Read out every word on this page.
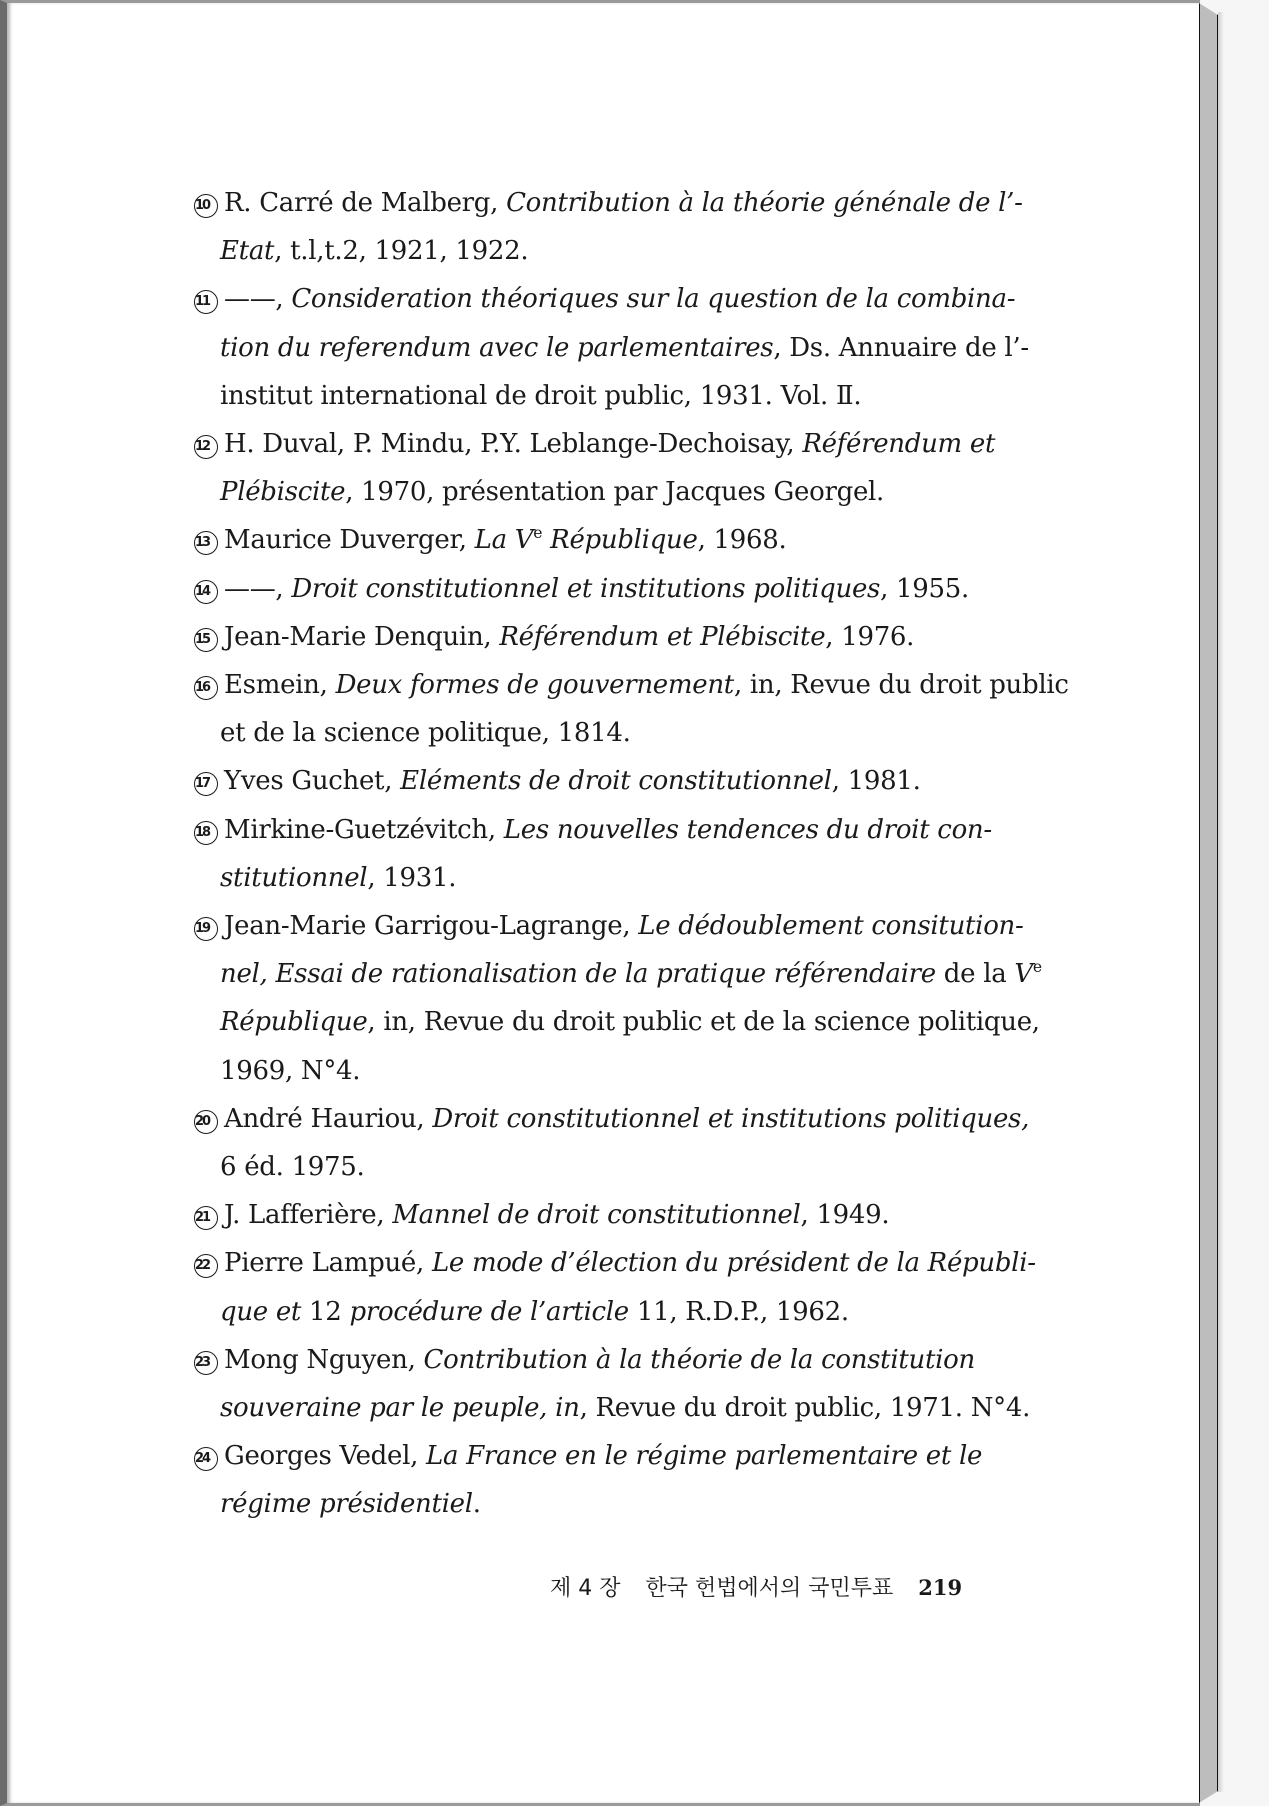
10 R. Carré de Malberg, Contribution à la théorie génénale de l’-
Etat, t.l,t.2, 1921, 1922.
11 ——, Consideration théoriques sur la question de la combina-
tion du referendum avec le parlementaires, Ds. Annuaire de l’-
institut international de droit public, 1931. Vol. Ⅱ.
12 H. Duval, P. Mindu, P.Y. Leblange-Dechoisay, Référendum et
Plébiscite, 1970, présentation par Jacques Georgel.
13 Maurice Duverger, La Ve République, 1968.
14 ——, Droit constitutionnel et institutions politiques, 1955.
15 Jean-Marie Denquin, Référendum et Plébiscite, 1976.
16 Esmein, Deux formes de gouvernement, in, Revue du droit public
et de la science politique, 1814.
17 Yves Guchet, Eléments de droit constitutionnel, 1981.
18 Mirkine-Guetzévitch, Les nouvelles tendences du droit con-
stitutionnel, 1931.
19 Jean-Marie Garrigou-Lagrange, Le dédoublement consitution-
nel, Essai de rationalisation de la pratique référendaire de la Ve
République, in, Revue du droit public et de la science politique,
1969, N°4.
20 André Hauriou, Droit constitutionnel et institutions politiques,
6 éd. 1975.
21 J. Lafferière, Mannel de droit constitutionnel, 1949.
22 Pierre Lampué, Le mode d’élection du président de la Républi-
que et 12 procédure de l’article 11, R.D.P., 1962.
23 Mong Nguyen, Contribution à la théorie de la constitution
souveraine par le peuple, in, Revue du droit public, 1971. N°4.
24 Georges Vedel, La France en le régime parlementaire et le
régime présidentiel.
제 4 장 한국 헌법에서의 국민투표 219
